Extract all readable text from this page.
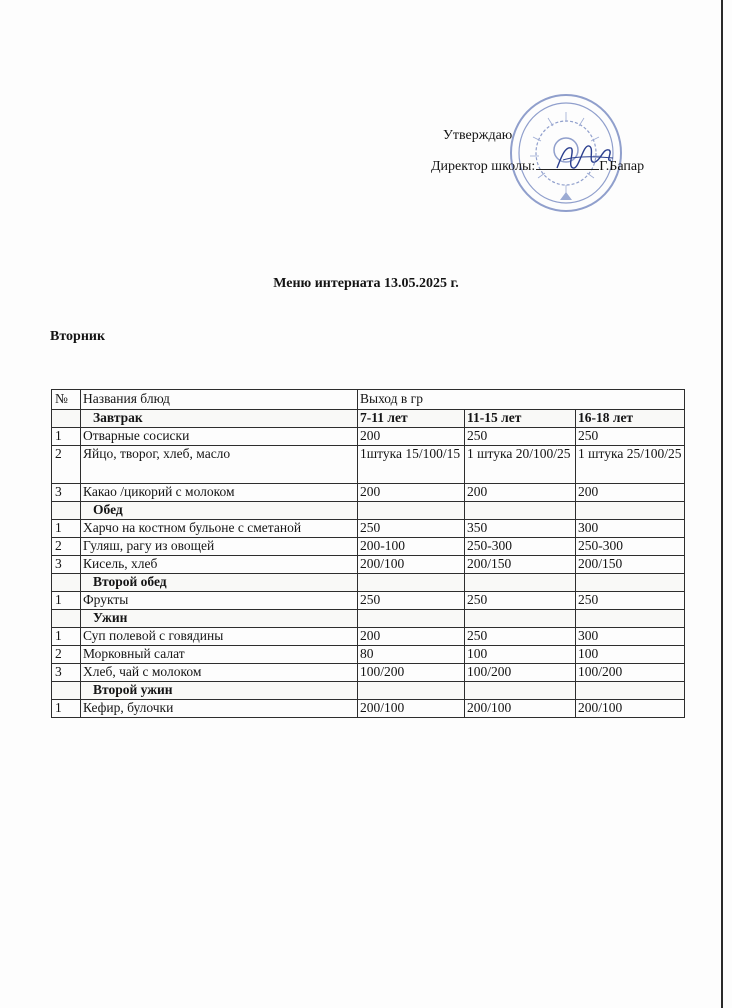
Утверждаю
Директор школы:	Г.Бапар
Меню интерната 13.05.2025 г.
Вторник
№	Названия блюд	Выход в гр		
	Завтрак	7-11 лет	11-15 лет	16-18 лет
1	Отварные сосиски	200	250	250
2	Яйцо, творог, хлеб, масло	1штука 15/100/15	1 штука 20/100/25	1 штука 25/100/25
3	Какао /цикорий с молоком	200	200	200
	Обед			
1	Харчо на костном бульоне с сметаной	250	350	300
2	Гуляш, рагу из овощей	200-100	250-300	250-300
3	Кисель, хлеб	200/100	200/150	200/150
	Второй обед			
1	Фрукты	250	250	250
	Ужин			
1	Суп полевой с говядины	200	250	300
2	Морковный салат	80	100	100
3	Хлеб, чай с молоком	100/200	100/200	100/200
	Второй ужин			
1	Кефир, булочки	200/100	200/100	200/100
